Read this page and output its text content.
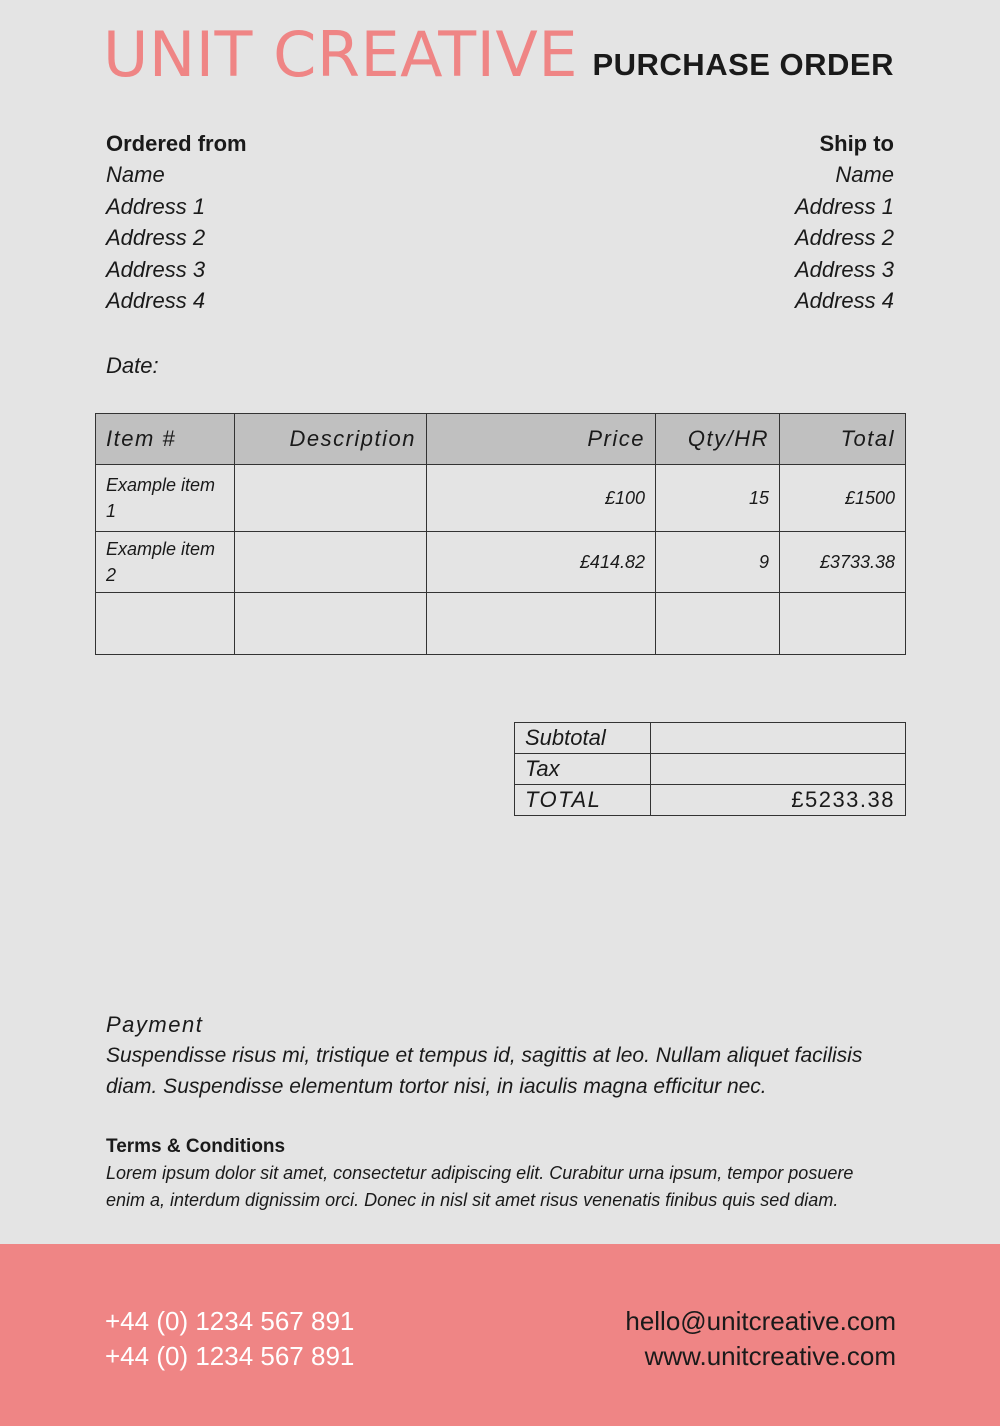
UNIT CREATIVE PURCHASE ORDER
Ordered from
Name
Address 1
Address 2
Address 3
Address 4
Ship to
Name
Address 1
Address 2
Address 3
Address 4
Date:
Item #	Description	Price	Qty/HR	Total
Example item 1		£100	15	£1500
Example item 2		£414.82	9	£3733.38

Subtotal	
Tax	
TOTAL	£5233.38
Payment
Suspendisse risus mi, tristique et tempus id, sagittis at leo. Nullam aliquet facilisis diam. Suspendisse elementum tortor nisi, in iaculis magna efficitur nec.
Terms & Conditions
Lorem ipsum dolor sit amet, consectetur adipiscing elit. Curabitur urna ipsum, tempor posuere enim a, interdum dignissim orci. Donec in nisl sit amet risus venenatis finibus quis sed diam.
+44 (0) 1234 567 891
+44 (0) 1234 567 891
hello@unitcreative.com
www.unitcreative.com
